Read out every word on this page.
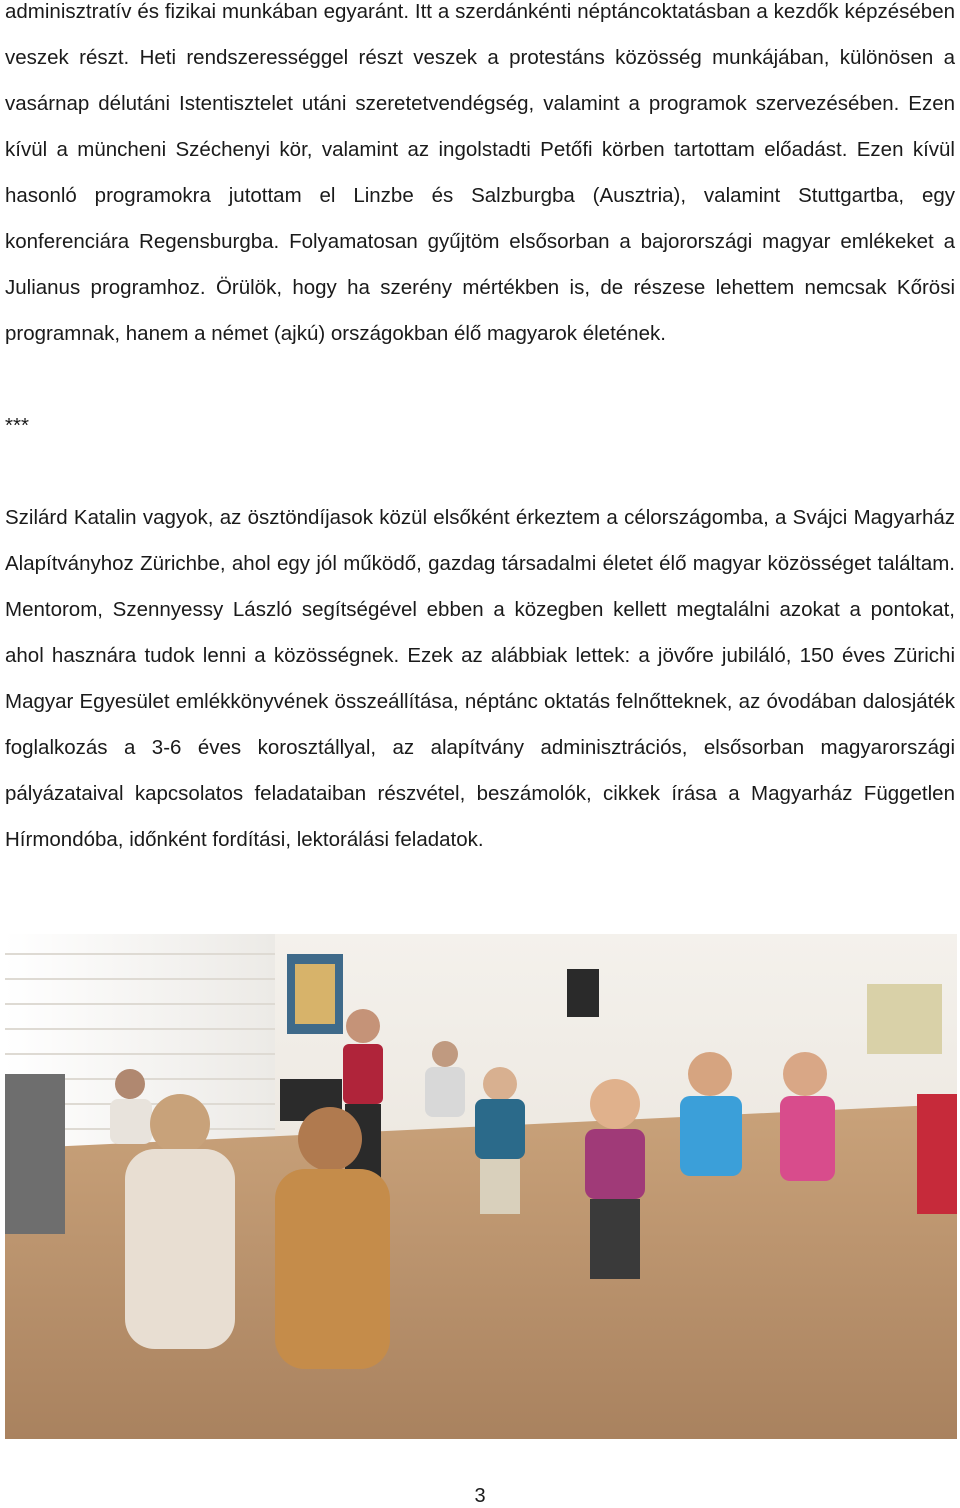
adminisztratív és fizikai munkában egyaránt. Itt a szerdánkénti néptáncoktatásban a kezdők képzésében veszek részt. Heti rendszerességgel részt veszek a protestáns közösség munkájában, különösen a vasárnap délutáni Istentisztelet utáni szeretetvendégség, valamint a programok szervezésében. Ezen kívül a müncheni Széchenyi kör, valamint az ingolstadti Petőfi körben tartottam előadást. Ezen kívül hasonló programokra jutottam el Linzbe és Salzburgba (Ausztria), valamint Stuttgartba, egy konferenciára Regensburgba. Folyamatosan gyűjtöm elsősorban a bajorországi magyar emlékeket a Julianus programhoz. Örülök, hogy ha szerény mértékben is, de részese lehettem nemcsak Kőrösi programnak, hanem a német (ajkú) országokban élő magyarok életének.

***

Szilárd Katalin vagyok, az ösztöndíjasok közül elsőként érkeztem a célországomba, a Svájci Magyarház Alapítványhoz Zürichbe, ahol egy jól működő, gazdag társadalmi életet élő magyar közösséget találtam. Mentorom, Szennyessy László segítségével ebben a közegben kellett megtalálni azokat a pontokat, ahol hasznára tudok lenni a közösségnek. Ezek az alábbiak lettek: a jövőre jubiláló, 150 éves Zürichi Magyar Egyesület emlékkönyvének összeállítása, néptánc oktatás felnőtteknek, az óvodában dalosjáték foglalkozás a 3-6 éves korosztállyal, az alapítvány adminisztrációs, elsősorban magyarországi pályázataival kapcsolatos feladataiban részvétel, beszámolók, cikkek írása a Magyarház Független Hírmondóba, időnként fordítási, lektorálási feladatok.

3
